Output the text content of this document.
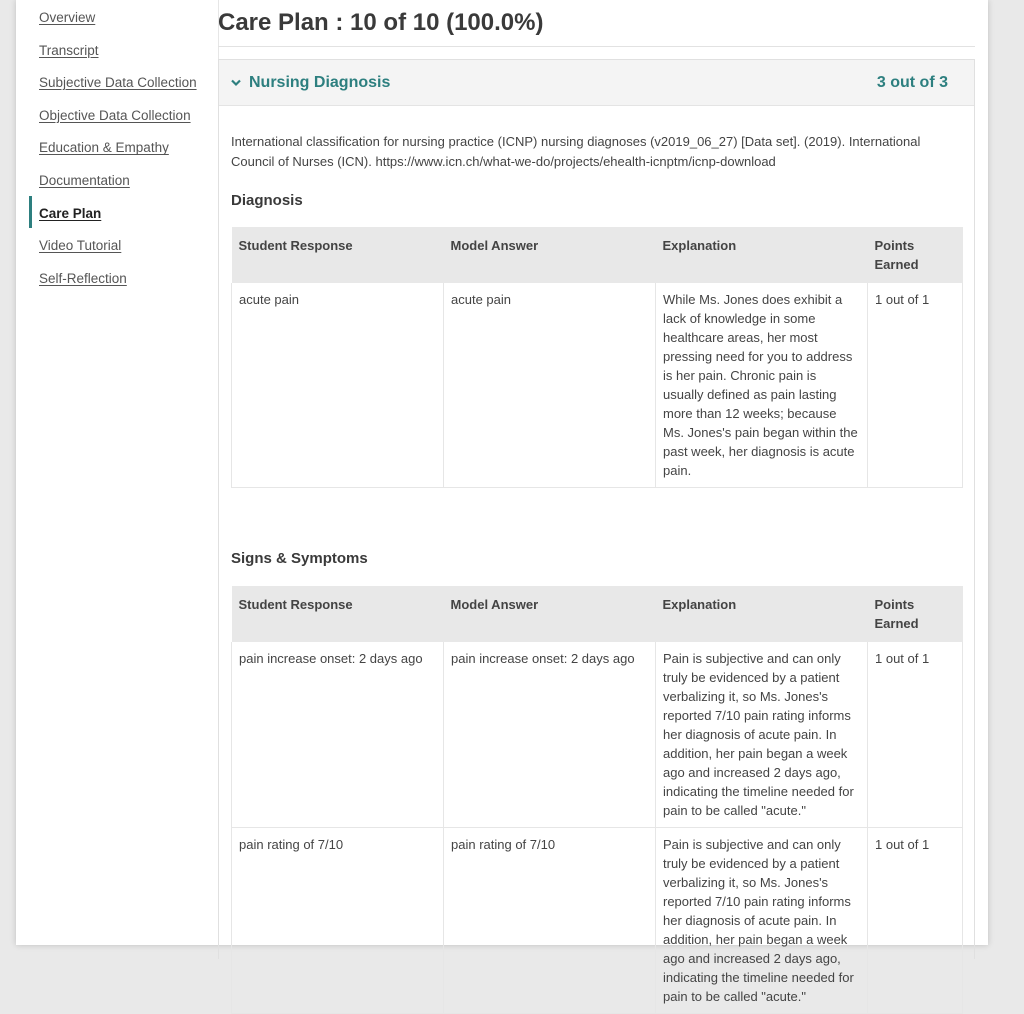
Overview
Transcript
Subjective Data Collection
Objective Data Collection
Education & Empathy
Documentation
Care Plan
Video Tutorial
Self-Reflection
Care Plan : 10 of 10 (100.0%)
Nursing Diagnosis	3 out of 3

International classification for nursing practice (ICNP) nursing diagnoses (v2019_06_27) [Data set]. (2019). International Council of Nurses (ICN). https://www.icn.ch/what-we-do/projects/ehealth-icnptm/icnp-download

Diagnosis
Student Response	Model Answer	Explanation	Points Earned
acute pain	acute pain	While Ms. Jones does exhibit a lack of knowledge in some healthcare areas, her most pressing need for you to address is her pain. Chronic pain is usually defined as pain lasting more than 12 weeks; because Ms. Jones's pain began within the past week, her diagnosis is acute pain.	1 out of 1
Signs & Symptoms
Student Response	Model Answer	Explanation	Points Earned
pain increase onset: 2 days ago	pain increase onset: 2 days ago	Pain is subjective and can only truly be evidenced by a patient verbalizing it, so Ms. Jones's reported 7/10 pain rating informs her diagnosis of acute pain. In addition, her pain began a week ago and increased 2 days ago, indicating the timeline needed for pain to be called "acute."	1 out of 1
pain rating of 7/10	pain rating of 7/10	Pain is subjective and can only truly be evidenced by a patient verbalizing it, so Ms. Jones's reported 7/10 pain rating informs her diagnosis of acute pain. In addition, her pain began a week ago and increased 2 days ago, indicating the timeline needed for pain to be called "acute."	1 out of 1
